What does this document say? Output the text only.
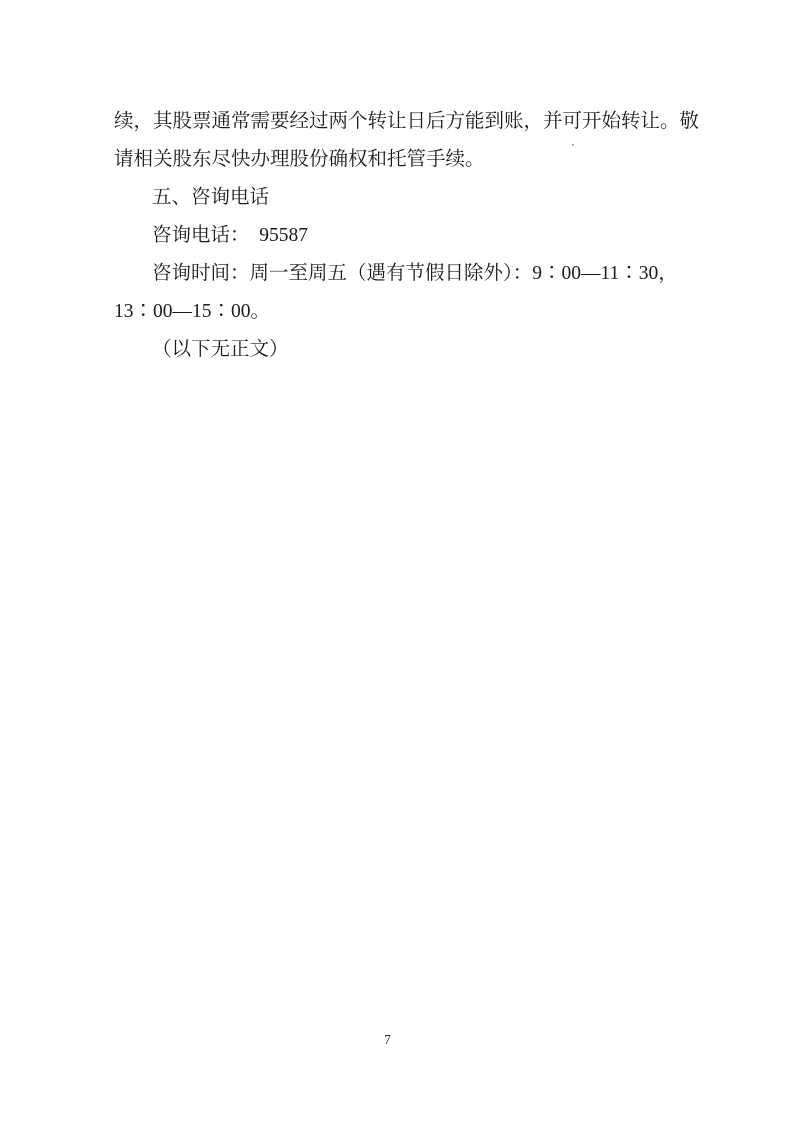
续，其股票通常需要经过两个转让日后方能到账，并可开始转让。敬
请相关股东尽快办理股份确权和托管手续。
五、咨询电话
咨询电话：　95587
咨询时间：周一至周五（遇有节假日除外）：9∶00—11∶30，
13∶00—15∶00。
（以下无正文）
7
